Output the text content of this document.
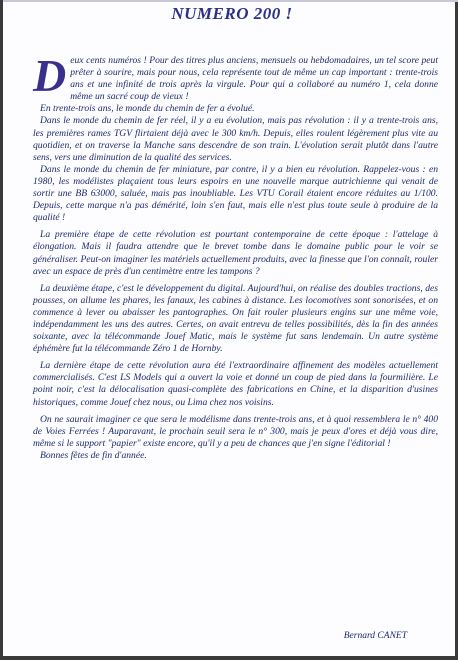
NUMERO 200 !

Deux cents numéros ! Pour des titres plus anciens, mensuels ou hebdomadaires, un tel score peut prêter à sourire, mais pour nous, cela représente tout de même un cap important : trente-trois ans et une infinité de trois après la virgule. Pour qui a collaboré au numéro 1, cela donne même un sacré coup de vieux !

En trente-trois ans, le monde du chemin de fer a évolué.

Dans le monde du chemin de fer réel, il y a eu évolution, mais pas révolution : il y a trente-trois ans, les premières rames TGV flirtaient déjà avec le 300 km/h. Depuis, elles roulent légèrement plus vite au quotidien, et on traverse la Manche sans descendre de son train. L'évolution serait plutôt dans l'autre sens, vers une diminution de la qualité des services.

Dans le monde du chemin de fer miniature, par contre, il y a bien eu révolution. Rappelez-vous : en 1980, les modélistes plaçaient tous leurs espoirs en une nouvelle marque autrichienne qui venait de sortir une BB 63000, saluée, mais pas inoubliable. Les VTU Corail étaient encore réduites au 1/100. Depuis, cette marque n'a pas démérité, loin s'en faut, mais elle n'est plus toute seule à produire de la qualité !

La première étape de cette révolution est pourtant contemporaine de cette époque : l'attelage à élongation. Mais il faudra attendre que le brevet tombe dans le domaine public pour le voir se généraliser. Peut-on imaginer les matériels actuellement produits, avec la finesse que l'on connaît, rouler avec un espace de près d'un centimètre entre les tampons ?

La deuxième étape, c'est le développement du digital. Aujourd'hui, on réalise des doubles tractions, des pousses, on allume les phares, les fanaux, les cabines à distance. Les locomotives sont sonorisées, et on commence à lever ou abaisser les pantographes. On fait rouler plusieurs engins sur une même voie, indépendamment les uns des autres. Certes, on avait entrevu de telles possibilités, dès la fin des années soixante, avec la télécommande Jouef Matic, mais le système fut sans lendemain. Un autre système éphémère fut la télécommande Zéro 1 de Hornby.

La dernière étape de cette révolution aura été l'extraordinaire affinement des modèles actuellement commercialisés. C'est LS Models qui a ouvert la voie et donné un coup de pied dans la fourmilière. Le point noir, c'est la délocalisation quasi-complète des fabrications en Chine, et la disparition d'usines historiques, comme Jouef chez nous, ou Lima chez nos voisins.

On ne saurait imaginer ce que sera le modélisme dans trente-trois ans, et à quoi ressemblera le n° 400 de Voies Ferrées ! Auparavant, le prochain seuil sera le n° 300, mais je peux d'ores et déjà vous dire, même si le support "papier" existe encore, qu'il y a peu de chances que j'en signe l'éditorial !

Bonnes fêtes de fin d'année.

Bernard CANET
